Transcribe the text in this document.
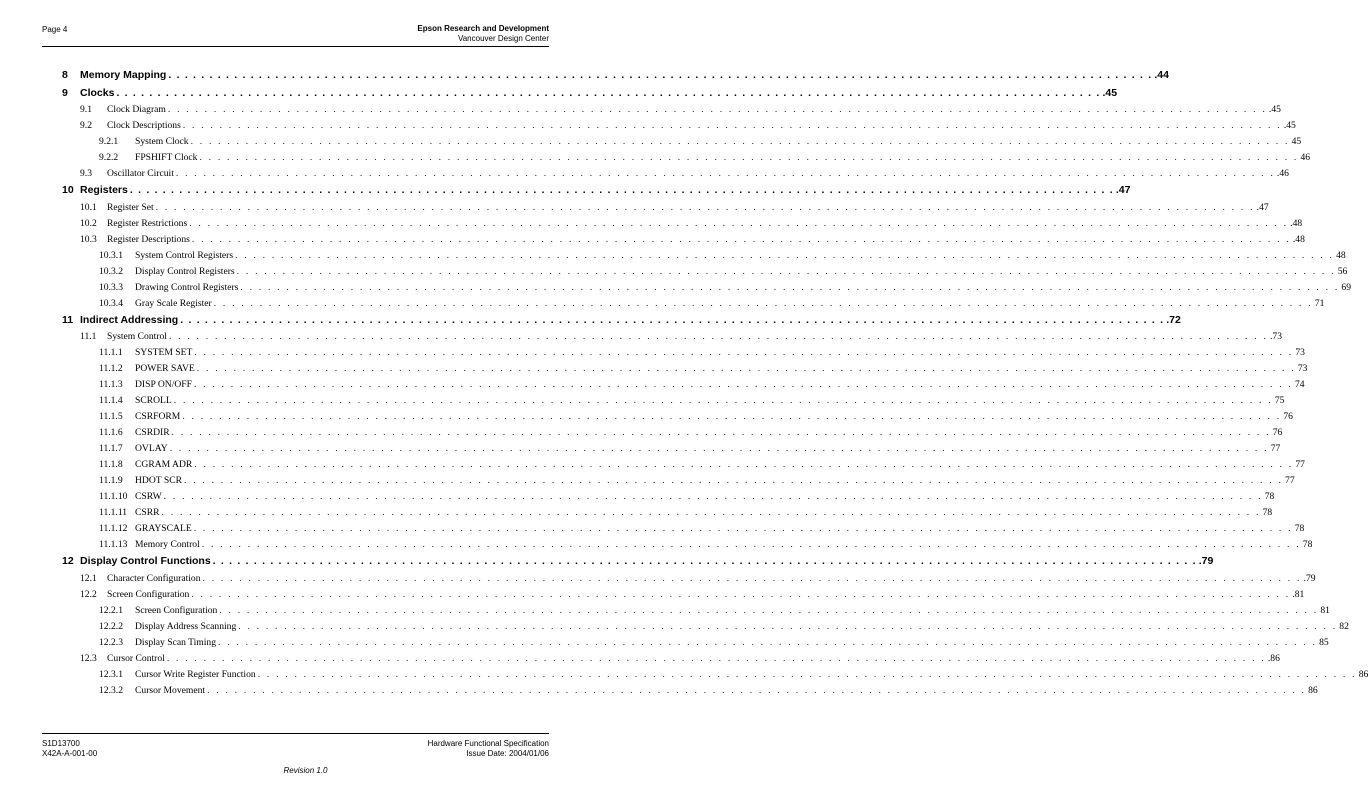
Page 4	Epson Research and Development
Vancouver Design Center
8 Memory Mapping . . . . . . . . . . . . . . . . . . . . . . . . . . . . . . . . . . . . . . . . . . . . . . . . . . . . . . . . . . . . . . . . . . . . . . . . . . . . . . . . . . . . . . . . . . . . . . . . . . . . . . . . . . . . . . . . . . . . . . . . .44
9 Clocks . . . . . . . . . . . . . . . . . . . . . . . . . . . . . . . . . . . . . . . . . . . . . . . . . . . . . . . . . . . . . . . . . . . . . . . . . . . . . . . . . . . . . . . . . . . . . . . . . . . . . . . . . . . . . . . . . . . . . . . . .45
9.1 Clock Diagram . . . . . . . . . . . . . . . . . . . . . . . . . . . . . . . . . . . . . . . . . . . . . . . . . . . . . . . . . . . . . . . . . . . . . . . . . . . . . . . . . . . . . . . . . . . . . . . . . . . . . . . . . . . . . . . . . . . . . . . . .45
9.2 Clock Descriptions . . . . . . . . . . . . . . . . . . . . . . . . . . . . . . . . . . . . . . . . . . . . . . . . . . . . . . . . . . . . . . . . . . . . . . . . . . . . . . . . . . . . . . . . . . . . . . . . . . . . . . . . . . . . . . . . . . . . . . . . .45
9.2.1 System Clock . . . . . . . . . . . . . . . . . . . . . . . . . . . . . . . . . . . . . . . . . . . . . . . . . . . . . . . . . . . . . . . . . . . . . . . . . . . . . . . . . . . . . . . . . . . . . . . . . . . . . . . . . . . . . . . . . . . . . . . . 45
9.2.2 FPSHIFT Clock . . . . . . . . . . . . . . . . . . . . . . . . . . . . . . . . . . . . . . . . . . . . . . . . . . . . . . . . . . . . . . . . . . . . . . . . . . . . . . . . . . . . . . . . . . . . . . . . . . . . . . . . . . . . . . . . . . . . . . . . 46
9.3 Oscillator Circuit . . . . . . . . . . . . . . . . . . . . . . . . . . . . . . . . . . . . . . . . . . . . . . . . . . . . . . . . . . . . . . . . . . . . . . . . . . . . . . . . . . . . . . . . . . . . . . . . . . . . . . . . . . . . . . . . . . . . . . . . .46
10 Registers . . . . . . . . . . . . . . . . . . . . . . . . . . . . . . . . . . . . . . . . . . . . . . . . . . . . . . . . . . . . . . . . . . . . . . . . . . . . . . . . . . . . . . . . . . . . . . . . . . . . . . . . . . . . . . . . . . . . . . . . .47
10.1 Register Set . . . . . . . . . . . . . . . . . . . . . . . . . . . . . . . . . . . . . . . . . . . . . . . . . . . . . . . . . . . . . . . . . . . . . . . . . . . . . . . . . . . . . . . . . . . . . . . . . . . . . . . . . . . . . . . . . . . . . . . . .47
10.2 Register Restrictions . . . . . . . . . . . . . . . . . . . . . . . . . . . . . . . . . . . . . . . . . . . . . . . . . . . . . . . . . . . . . . . . . . . . . . . . . . . . . . . . . . . . . . . . . . . . . . . . . . . . . . . . . . . . . . . . . . . . . . . . .48
10.3 Register Descriptions . . . . . . . . . . . . . . . . . . . . . . . . . . . . . . . . . . . . . . . . . . . . . . . . . . . . . . . . . . . . . . . . . . . . . . . . . . . . . . . . . . . . . . . . . . . . . . . . . . . . . . . . . . . . . . . . . . . . . . . . .48
10.3.1 System Control Registers . . . . . . . . . . . . . . . . . . . . . . . . . . . . . . . . . . . . . . . . . . . . . . . . . . . . . . . . . . . . . . . . . . . . . . . . . . . . . . . . . . . . . . . . . . . . . . . . . . . . . . . . . . . . . . . . . . . . . . . . 48
10.3.2 Display Control Registers . . . . . . . . . . . . . . . . . . . . . . . . . . . . . . . . . . . . . . . . . . . . . . . . . . . . . . . . . . . . . . . . . . . . . . . . . . . . . . . . . . . . . . . . . . . . . . . . . . . . . . . . . . . . . . . . . . . . . . . . 56
10.3.3 Drawing Control Registers . . . . . . . . . . . . . . . . . . . . . . . . . . . . . . . . . . . . . . . . . . . . . . . . . . . . . . . . . . . . . . . . . . . . . . . . . . . . . . . . . . . . . . . . . . . . . . . . . . . . . . . . . . . . . . . . . . . . . . . . 69
10.3.4 Gray Scale Register . . . . . . . . . . . . . . . . . . . . . . . . . . . . . . . . . . . . . . . . . . . . . . . . . . . . . . . . . . . . . . . . . . . . . . . . . . . . . . . . . . . . . . . . . . . . . . . . . . . . . . . . . . . . . . . . . . . . . . . . 71
11 Indirect Addressing . . . . . . . . . . . . . . . . . . . . . . . . . . . . . . . . . . . . . . . . . . . . . . . . . . . . . . . . . . . . . . . . . . . . . . . . . . . . . . . . . . . . . . . . . . . . . . . . . . . . . . . . . . . . . . . . . . . . . . . . .72
11.1 System Control . . . . . . . . . . . . . . . . . . . . . . . . . . . . . . . . . . . . . . . . . . . . . . . . . . . . . . . . . . . . . . . . . . . . . . . . . . . . . . . . . . . . . . . . . . . . . . . . . . . . . . . . . . . . . . . . . . . . . . . . .73
11.1.1 SYSTEM SET . . . . . . . . . . . . . . . . . . . . . . . . . . . . . . . . . . . . . . . . . . . . . . . . . . . . . . . . . . . . . . . . . . . . . . . . . . . . . . . . . . . . . . . . . . . . . . . . . . . . . . . . . . . . . . . . . . . . . . . . 73
11.1.2 POWER SAVE . . . . . . . . . . . . . . . . . . . . . . . . . . . . . . . . . . . . . . . . . . . . . . . . . . . . . . . . . . . . . . . . . . . . . . . . . . . . . . . . . . . . . . . . . . . . . . . . . . . . . . . . . . . . . . . . . . . . . . . . 73
11.1.3 DISP ON/OFF . . . . . . . . . . . . . . . . . . . . . . . . . . . . . . . . . . . . . . . . . . . . . . . . . . . . . . . . . . . . . . . . . . . . . . . . . . . . . . . . . . . . . . . . . . . . . . . . . . . . . . . . . . . . . . . . . . . . . . . . 74
11.1.4 SCROLL . . . . . . . . . . . . . . . . . . . . . . . . . . . . . . . . . . . . . . . . . . . . . . . . . . . . . . . . . . . . . . . . . . . . . . . . . . . . . . . . . . . . . . . . . . . . . . . . . . . . . . . . . . . . . . . . . . . . . . . . 75
11.1.5 CSRFORM . . . . . . . . . . . . . . . . . . . . . . . . . . . . . . . . . . . . . . . . . . . . . . . . . . . . . . . . . . . . . . . . . . . . . . . . . . . . . . . . . . . . . . . . . . . . . . . . . . . . . . . . . . . . . . . . . . . . . . . . 76
11.1.6 CSRDIR . . . . . . . . . . . . . . . . . . . . . . . . . . . . . . . . . . . . . . . . . . . . . . . . . . . . . . . . . . . . . . . . . . . . . . . . . . . . . . . . . . . . . . . . . . . . . . . . . . . . . . . . . . . . . . . . . . . . . . . . 76
11.1.7 OVLAY . . . . . . . . . . . . . . . . . . . . . . . . . . . . . . . . . . . . . . . . . . . . . . . . . . . . . . . . . . . . . . . . . . . . . . . . . . . . . . . . . . . . . . . . . . . . . . . . . . . . . . . . . . . . . . . . . . . . . . . . 77
11.1.8 CGRAM ADR . . . . . . . . . . . . . . . . . . . . . . . . . . . . . . . . . . . . . . . . . . . . . . . . . . . . . . . . . . . . . . . . . . . . . . . . . . . . . . . . . . . . . . . . . . . . . . . . . . . . . . . . . . . . . . . . . . . . . . . . 77
11.1.9 HDOT SCR . . . . . . . . . . . . . . . . . . . . . . . . . . . . . . . . . . . . . . . . . . . . . . . . . . . . . . . . . . . . . . . . . . . . . . . . . . . . . . . . . . . . . . . . . . . . . . . . . . . . . . . . . . . . . . . . . . . . . . . . 77
11.1.10 CSRW . . . . . . . . . . . . . . . . . . . . . . . . . . . . . . . . . . . . . . . . . . . . . . . . . . . . . . . . . . . . . . . . . . . . . . . . . . . . . . . . . . . . . . . . . . . . . . . . . . . . . . . . . . . . . . . . . . . . . . . . 78
11.1.11 CSRR . . . . . . . . . . . . . . . . . . . . . . . . . . . . . . . . . . . . . . . . . . . . . . . . . . . . . . . . . . . . . . . . . . . . . . . . . . . . . . . . . . . . . . . . . . . . . . . . . . . . . . . . . . . . . . . . . . . . . . . . 78
11.1.12 GRAYSCALE . . . . . . . . . . . . . . . . . . . . . . . . . . . . . . . . . . . . . . . . . . . . . . . . . . . . . . . . . . . . . . . . . . . . . . . . . . . . . . . . . . . . . . . . . . . . . . . . . . . . . . . . . . . . . . . . . . . . . . . . 78
11.1.13 Memory Control . . . . . . . . . . . . . . . . . . . . . . . . . . . . . . . . . . . . . . . . . . . . . . . . . . . . . . . . . . . . . . . . . . . . . . . . . . . . . . . . . . . . . . . . . . . . . . . . . . . . . . . . . . . . . . . . . . . . . . . . 78
12 Display Control Functions . . . . . . . . . . . . . . . . . . . . . . . . . . . . . . . . . . . . . . . . . . . . . . . . . . . . . . . . . . . . . . . . . . . . . . . . . . . . . . . . . . . . . . . . . . . . . . . . . . . . . . . . . . . . . . . . . . . . . . . . .79
12.1 Character Configuration . . . . . . . . . . . . . . . . . . . . . . . . . . . . . . . . . . . . . . . . . . . . . . . . . . . . . . . . . . . . . . . . . . . . . . . . . . . . . . . . . . . . . . . . . . . . . . . . . . . . . . . . . . . . . . . . . . . . . . . . .79
12.2 Screen Configuration . . . . . . . . . . . . . . . . . . . . . . . . . . . . . . . . . . . . . . . . . . . . . . . . . . . . . . . . . . . . . . . . . . . . . . . . . . . . . . . . . . . . . . . . . . . . . . . . . . . . . . . . . . . . . . . . . . . . . . . . .81
12.2.1 Screen Configuration . . . . . . . . . . . . . . . . . . . . . . . . . . . . . . . . . . . . . . . . . . . . . . . . . . . . . . . . . . . . . . . . . . . . . . . . . . . . . . . . . . . . . . . . . . . . . . . . . . . . . . . . . . . . . . . . . . . . . . . . 81
12.2.2 Display Address Scanning . . . . . . . . . . . . . . . . . . . . . . . . . . . . . . . . . . . . . . . . . . . . . . . . . . . . . . . . . . . . . . . . . . . . . . . . . . . . . . . . . . . . . . . . . . . . . . . . . . . . . . . . . . . . . . . . . . . . . . . . 82
12.2.3 Display Scan Timing . . . . . . . . . . . . . . . . . . . . . . . . . . . . . . . . . . . . . . . . . . . . . . . . . . . . . . . . . . . . . . . . . . . . . . . . . . . . . . . . . . . . . . . . . . . . . . . . . . . . . . . . . . . . . . . . . . . . . . . . 85
12.3 Cursor Control . . . . . . . . . . . . . . . . . . . . . . . . . . . . . . . . . . . . . . . . . . . . . . . . . . . . . . . . . . . . . . . . . . . . . . . . . . . . . . . . . . . . . . . . . . . . . . . . . . . . . . . . . . . . . . . . . . . . . . . . .86
12.3.1 Cursor Write Register Function . . . . . . . . . . . . . . . . . . . . . . . . . . . . . . . . . . . . . . . . . . . . . . . . . . . . . . . . . . . . . . . . . . . . . . . . . . . . . . . . . . . . . . . . . . . . . . . . . . . . . . . . . . . . . . . . . . . . . . . . 86
12.3.2 Cursor Movement . . . . . . . . . . . . . . . . . . . . . . . . . . . . . . . . . . . . . . . . . . . . . . . . . . . . . . . . . . . . . . . . . . . . . . . . . . . . . . . . . . . . . . . . . . . . . . . . . . . . . . . . . . . . . . . . . . . . . . . . 86
S1D13700
X42A-A-001-00
Hardware Functional Specification
Issue Date: 2004/01/06
Revision 1.0
